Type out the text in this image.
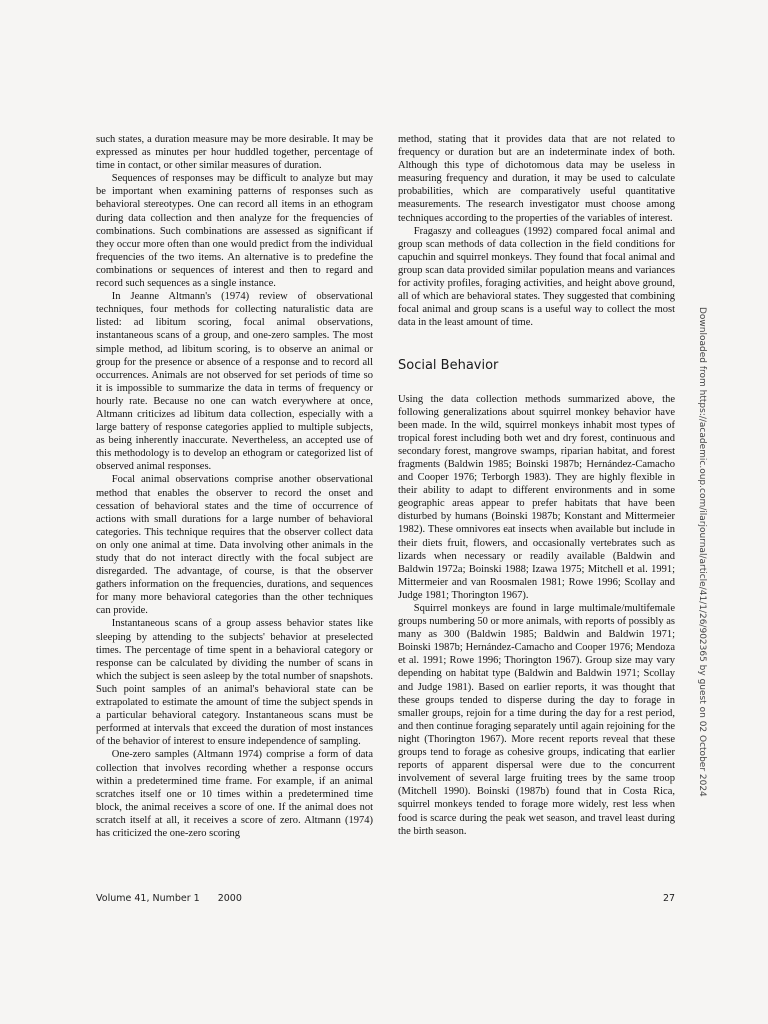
such states, a duration measure may be more desirable. It may be expressed as minutes per hour huddled together, percentage of time in contact, or other similar measures of duration.

Sequences of responses may be difficult to analyze but may be important when examining patterns of responses such as behavioral stereotypes. One can record all items in an ethogram during data collection and then analyze for the frequencies of combinations. Such combinations are assessed as significant if they occur more often than one would predict from the individual frequencies of the two items. An alternative is to predefine the combinations or sequences of interest and then to regard and record such sequences as a single instance.

In Jeanne Altmann's (1974) review of observational techniques, four methods for collecting naturalistic data are listed: ad libitum scoring, focal animal observations, instantaneous scans of a group, and one-zero samples. The most simple method, ad libitum scoring, is to observe an animal or group for the presence or absence of a response and to record all occurrences. Animals are not observed for set periods of time so it is impossible to summarize the data in terms of frequency or hourly rate. Because no one can watch everywhere at once, Altmann criticizes ad libitum data collection, especially with a large battery of response categories applied to multiple subjects, as being inherently inaccurate. Nevertheless, an accepted use of this methodology is to develop an ethogram or categorized list of observed animal responses.

Focal animal observations comprise another observational method that enables the observer to record the onset and cessation of behavioral states and the time of occurrence of actions with small durations for a large number of behavioral categories. This technique requires that the observer collect data on only one animal at time. Data involving other animals in the study that do not interact directly with the focal subject are disregarded. The advantage, of course, is that the observer gathers information on the frequencies, durations, and sequences for many more behavioral categories than the other techniques can provide.

Instantaneous scans of a group assess behavior states like sleeping by attending to the subjects' behavior at preselected times. The percentage of time spent in a behavioral category or response can be calculated by dividing the number of scans in which the subject is seen asleep by the total number of snapshots. Such point samples of an animal's behavioral state can be extrapolated to estimate the amount of time the subject spends in a particular behavioral category. Instantaneous scans must be performed at intervals that exceed the duration of most instances of the behavior of interest to ensure independence of sampling.

One-zero samples (Altmann 1974) comprise a form of data collection that involves recording whether a response occurs within a predetermined time frame. For example, if an animal scratches itself one or 10 times within a predetermined time block, the animal receives a score of one. If the animal does not scratch itself at all, it receives a score of zero. Altmann (1974) has criticized the one-zero scoring

method, stating that it provides data that are not related to frequency or duration but are an indeterminate index of both. Although this type of dichotomous data may be useless in measuring frequency and duration, it may be used to calculate probabilities, which are comparatively useful quantitative measurements. The research investigator must choose among techniques according to the properties of the variables of interest.

Fragaszy and colleagues (1992) compared focal animal and group scan methods of data collection in the field conditions for capuchin and squirrel monkeys. They found that focal animal and group scan data provided similar population means and variances for activity profiles, foraging activities, and height above ground, all of which are behavioral states. They suggested that combining focal animal and group scans is a useful way to collect the most data in the least amount of time.

Social Behavior

Using the data collection methods summarized above, the following generalizations about squirrel monkey behavior have been made. In the wild, squirrel monkeys inhabit most types of tropical forest including both wet and dry forest, continuous and secondary forest, mangrove swamps, riparian habitat, and forest fragments (Baldwin 1985; Boinski 1987b; Hernández-Camacho and Cooper 1976; Terborgh 1983). They are highly flexible in their ability to adapt to different environments and in some geographic areas appear to prefer habitats that have been disturbed by humans (Boinski 1987b; Konstant and Mittermeier 1982). These omnivores eat insects when available but include in their diets fruit, flowers, and occasionally vertebrates such as lizards when necessary or readily available (Baldwin and Baldwin 1972a; Boinski 1988; Izawa 1975; Mitchell et al. 1991; Mittermeier and van Roosmalen 1981; Rowe 1996; Scollay and Judge 1981; Thorington 1967).

Squirrel monkeys are found in large multimale/multifemale groups numbering 50 or more animals, with reports of possibly as many as 300 (Baldwin 1985; Baldwin and Baldwin 1971; Boinski 1987b; Hernández-Camacho and Cooper 1976; Mendoza et al. 1991; Rowe 1996; Thorington 1967). Group size may vary depending on habitat type (Baldwin and Baldwin 1971; Scollay and Judge 1981). Based on earlier reports, it was thought that these groups tended to disperse during the day to forage in smaller groups, rejoin for a time during the day for a rest period, and then continue foraging separately until again rejoining for the night (Thorington 1967). More recent reports reveal that these groups tend to forage as cohesive groups, indicating that earlier reports of apparent dispersal were due to the concurrent involvement of several large fruiting trees by the same troop (Mitchell 1990). Boinski (1987b) found that in Costa Rica, squirrel monkeys tended to forage more widely, rest less when food is scarce during the peak wet season, and travel least during the birth season.

Volume 41, Number 1 2000	27
Downloaded from https://academic.oup.com/ilarjournal/article/41/1/26/902365 by guest on 02 October 2024
